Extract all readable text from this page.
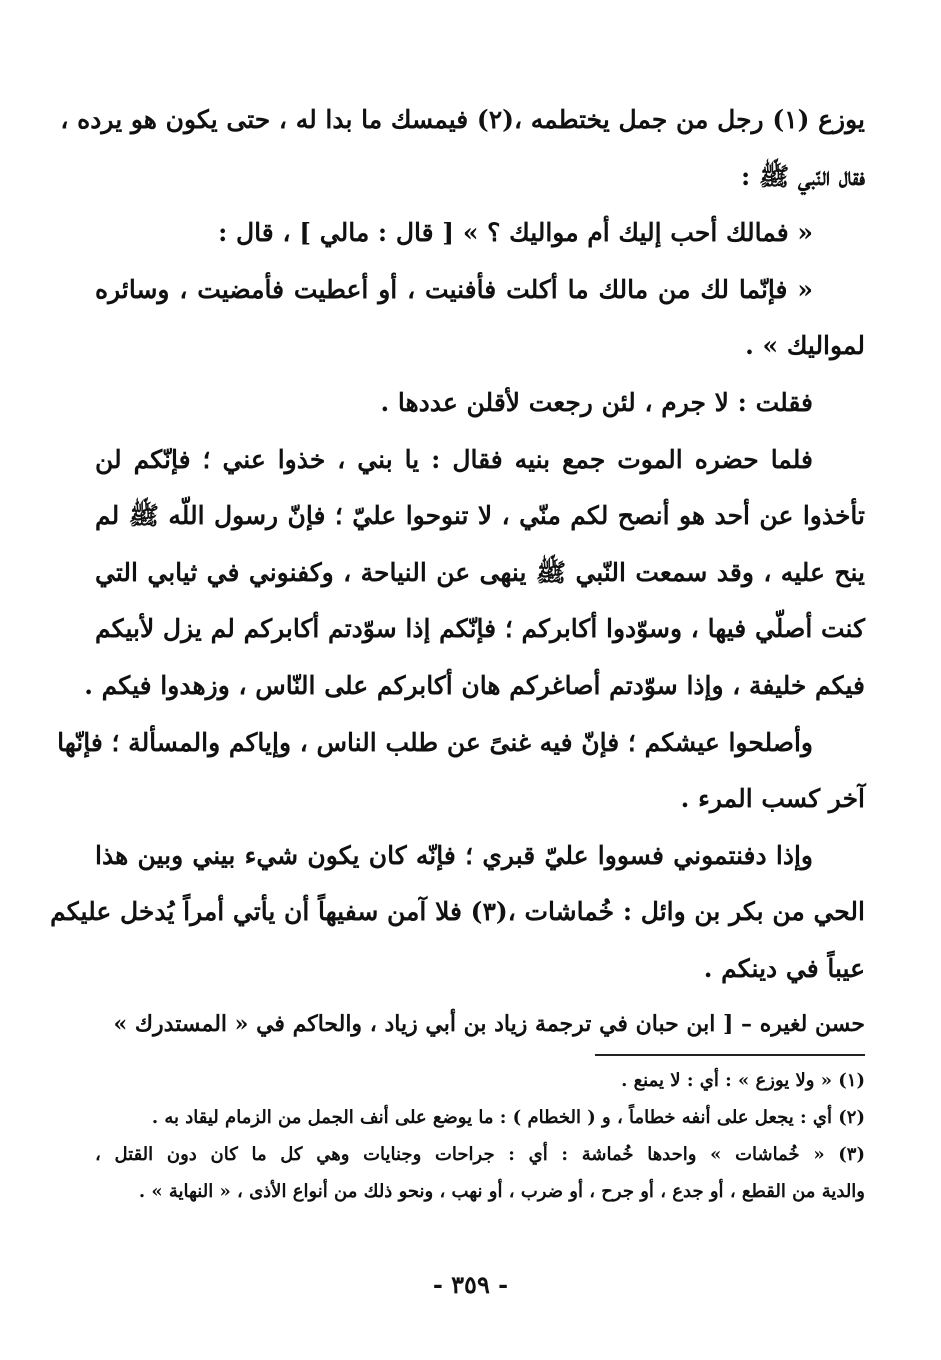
يوزع (١) رجل من جمل يختطمه ،(٢) فيمسك ما بدا له ، حتى يكون هو يرده ،
فقال النّبي ﷺ :
« فمالك أحب إليك أم مواليك ؟ » [ قال : مالي ] ، قال :
« فإنّما لك من مالك ما أكلت فأفنيت ، أو أعطيت فأمضيت ، وسائره
لمواليك » .
فقلت : لا جرم ، لئن رجعت لأقلن عددها .
فلما حضره الموت جمع بنيه فقال : يا بني ، خذوا عني ؛ فإنّكم لن
تأخذوا عن أحد هو أنصح لكم منّي ، لا تنوحوا عليّ ؛ فإنّ رسول اللّه ﷺ لم
ينح عليه ، وقد سمعت النّبي ﷺ ينهى عن النياحة ، وكفنوني في ثيابي التي
كنت أصلّي فيها ، وسوّدوا أكابركم ؛ فإنّكم إذا سوّدتم أكابركم لم يزل لأبيكم
فيكم خليفة ، وإذا سوّدتم أصاغركم هان أكابركم على النّاس ، وزهدوا فيكم .
وأصلحوا عيشكم ؛ فإنّ فيه غنىً عن طلب الناس ، وإياكم والمسألة ؛ فإنّها
آخر كسب المرء .
وإذا دفنتموني فسووا عليّ قبري ؛ فإنّه كان يكون شيء بيني وبين هذا
الحي من بكر بن وائل : خُماشات ،(٣) فلا آمن سفيهاً أن يأتي أمراً يُدخل عليكم
عيباً في دينكم .
حسن لغيره – [ ابن حبان في ترجمة زياد بن أبي زياد ، والحاكم في « المستدرك »
(١) « ولا يوزع » : أي : لا يمنع .
(٢) أي : يجعل على أنفه خطاماً ، و ( الخطام ) : ما يوضع على أنف الجمل من الزمام ليقاد به .
(٣) « خُماشات » واحدها خُماشة : أي : جراحات وجنايات وهي كل ما كان دون القتل ،
والدية من القطع ، أو جدع ، أو جرح ، أو ضرب ، أو نهب ، ونحو ذلك من أنواع الأذى ، « النهاية » .
- ٣٥٩ -
